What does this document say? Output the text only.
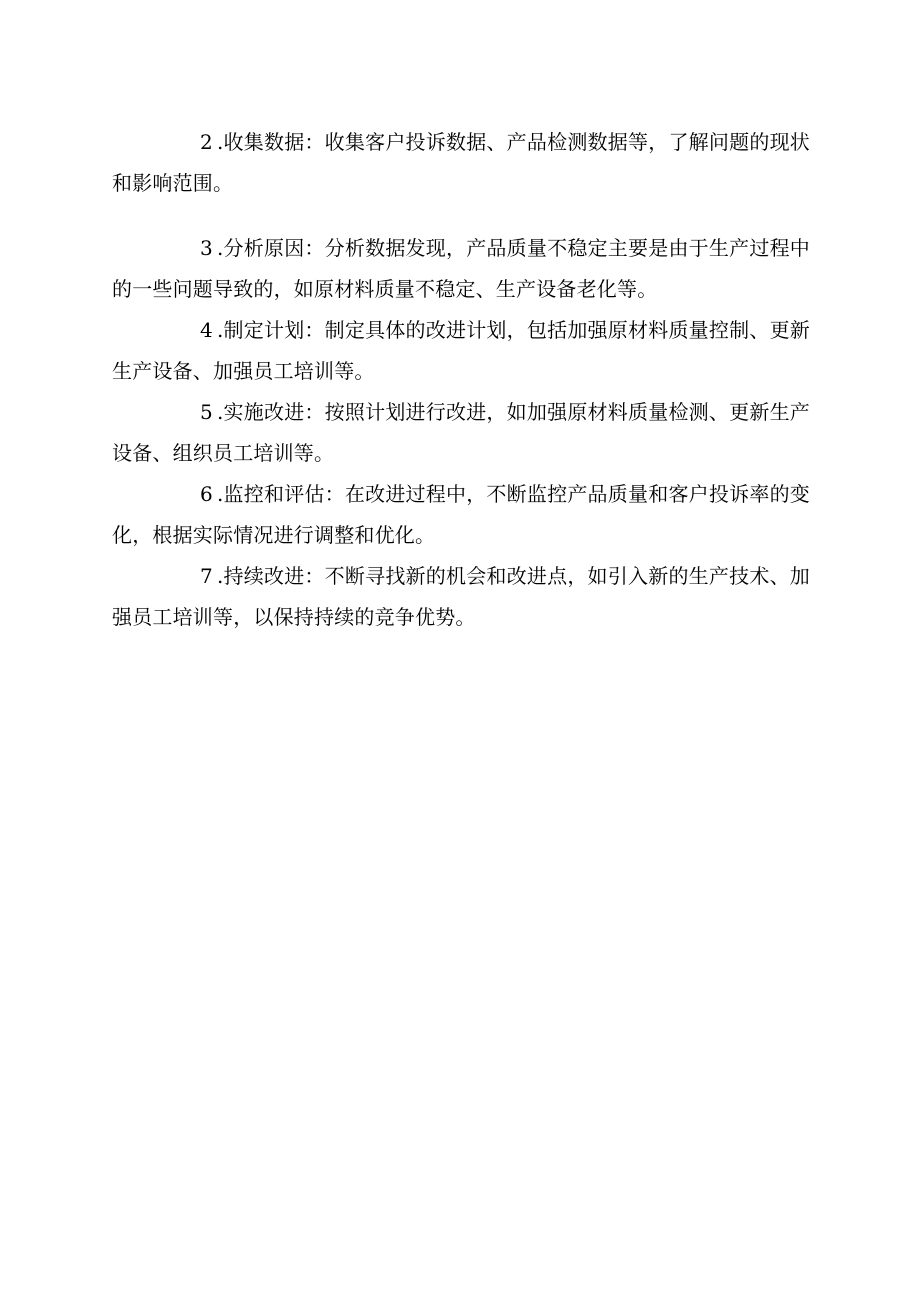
2 .收集数据：收集客户投诉数据、产品检测数据等，了解问题的现状和影响范围。

3 .分析原因：分析数据发现，产品质量不稳定主要是由于生产过程中的一些问题导致的，如原材料质量不稳定、生产设备老化等。

4 .制定计划：制定具体的改进计划，包括加强原材料质量控制、更新生产设备、加强员工培训等。

5 .实施改进：按照计划进行改进，如加强原材料质量检测、更新生产设备、组织员工培训等。

6 .监控和评估：在改进过程中，不断监控产品质量和客户投诉率的变化，根据实际情况进行调整和优化。

7 .持续改进：不断寻找新的机会和改进点，如引入新的生产技术、加强员工培训等，以保持持续的竞争优势。
